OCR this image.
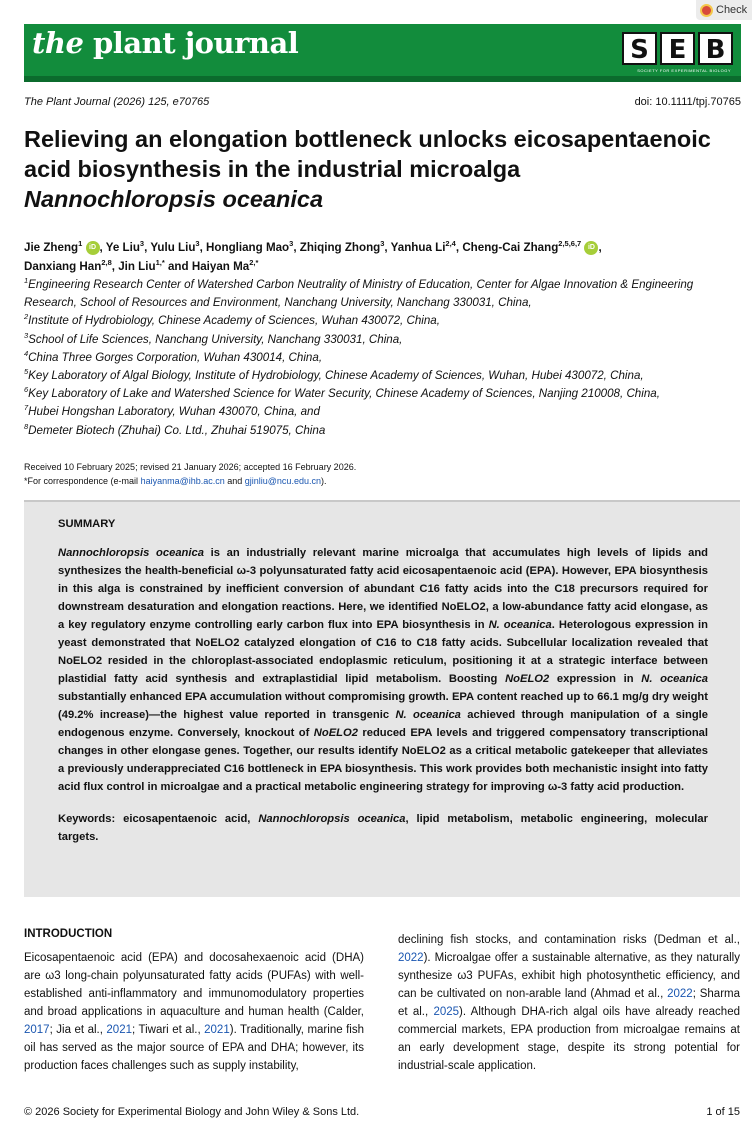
Check
the plant journal	S E B
SOCIETY FOR EXPERIMENTAL BIOLOGY
The Plant Journal (2026) 125, e70765	doi: 10.1111/tpj.70765
Relieving an elongation bottleneck unlocks eicosapentaenoic
acid biosynthesis in the industrial microalga
Nannochloropsis oceanica
Jie Zheng$^1$ iD , Ye Liu$^3$, Yulu Liu$^3$, Hongliang Mao$^3$, Zhiqing Zhong$^3$, Yanhua Li$^{2,4}$, Cheng-Cai Zhang$^{2,5,6,7}$ iD ,
Danxiang Han$^{2,8}$, Jin Liu$^{1,*}$ and Haiyan $Ma^{2,*}$
$^1$Engineering Research Center of Watershed Carbon Neutrality of Ministry of Education, Center for Algae Innovation & Engineering Research, School of Resources and Environment, Nanchang University, Nanchang 330031, China,
$^2$Institute of Hydrobiology, Chinese Academy of Sciences, Wuhan 430072, China,
$^3$School of Life Sciences, Nanchang University, Nanchang 330031, China,
$^4$China Three Gorges Corporation, Wuhan 430014, China,
$^5$Key Laboratory of Algal Biology, Institute of Hydrobiology, Chinese Academy of Sciences, Wuhan, Hubei 430072, China,
$^6$Key Laboratory of Lake and Watershed Science for Water Security, Chinese Academy of Sciences, Nanjing 210008, China,
$^7$Hubei Hongshan Laboratory, Wuhan 430070, China, and
$^8$Demeter Biotech (Zhuhai) Co. Ltd., Zhuhai 519075, China
Received 10 February 2025; revised 21 January 2026; accepted 16 February 2026.
*For correspondence (e-mail haiyanma@ihb.ac.cn and gjinliu@ncu.edu.cn).
SUMMARY

Nannochloropsis oceanica is an industrially relevant marine microalga that accumulates high levels of lipids and synthesizes the health-beneficial ω-3 polyunsaturated fatty acid eicosapentaenoic acid (EPA). However, EPA biosynthesis in this alga is constrained by inefficient conversion of abundant C16 fatty acids into the C18 precursors required for downstream desaturation and elongation reactions. Here, we identified NoELO2, a low-abundance fatty acid elongase, as a key regulatory enzyme controlling early carbon flux into EPA biosynthesis in N. oceanica. Heterologous expression in yeast demonstrated that NoELO2 catalyzed elongation of C16 to C18 fatty acids. Subcellular localization revealed that NoELO2 resided in the chloroplast-associated endoplasmic reticulum, positioning it at a strategic interface between plastidial fatty acid synthesis and extraplastidial lipid metabolism. Boosting NoELO2 expression in N. oceanica substantially enhanced EPA accumulation without compromising growth. EPA content reached up to 66.1 mg/g dry weight (49.2% increase)—the highest value reported in transgenic N. oceanica achieved through manipulation of a single endogenous enzyme. Conversely, knockout of NoELO2 reduced EPA levels and triggered compensatory transcriptional changes in other elongase genes. Together, our results identify NoELO2 as a critical metabolic gatekeeper that alleviates a previously underappreciated C16 bottleneck in EPA biosynthesis. This work provides both mechanistic insight into fatty acid flux control in microalgae and a practical metabolic engineering strategy for improving ω-3 fatty acid production.

Keywords: eicosapentaenoic acid, Nannochloropsis oceanica, lipid metabolism, metabolic engineering, molecular targets.

INTRODUCTION
Eicosapentaenoic acid (EPA) and docosahexaenoic acid (DHA) are ω3 long-chain polyunsaturated fatty acids (PUFAs) with well-established anti-inflammatory and immunomodulatory properties and broad applications in aquaculture and human health (Calder, 2017; Jia et al., 2021; Tiwari et al., 2021). Traditionally, marine fish oil has served as the major source of EPA and DHA; however, its production faces challenges such as supply instability,
declining fish stocks, and contamination risks (Dedman et al., 2022). Microalgae offer a sustainable alternative, as they naturally synthesize ω3 PUFAs, exhibit high photosynthetic efficiency, and can be cultivated on non-arable land (Ahmad et al., 2022; Sharma et al., 2025). Although DHA-rich algal oils have already reached commercial markets, EPA production from microalgae remains at an early development stage, despite its strong potential for industrial-scale application.
© 2026 Society for Experimental Biology and John Wiley & Sons Ltd.	1 of 15
